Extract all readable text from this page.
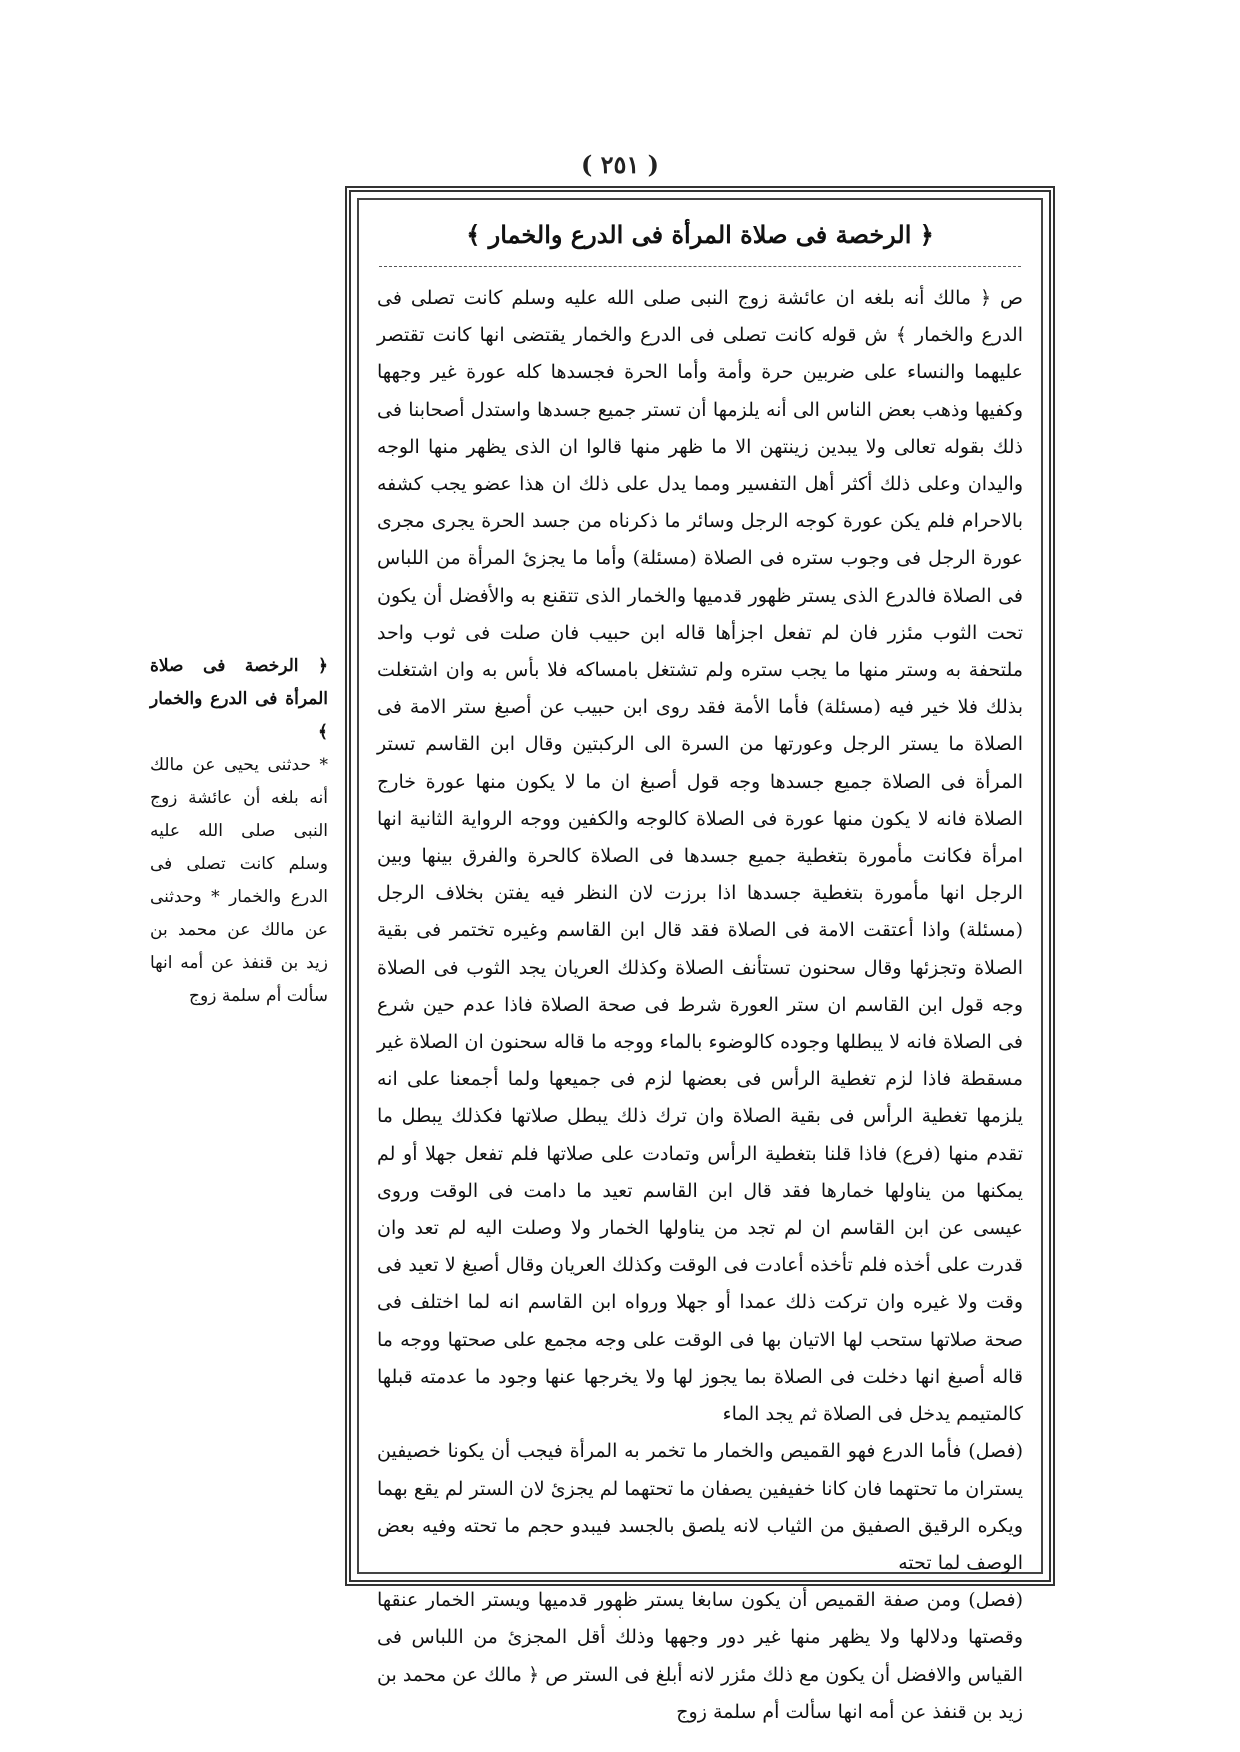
( ٢٥١ )

﴿ الرخصة فى صلاة المرأة فى الدرع والخمار ﴾

* حدثنى يحيى عن مالك أنه بلغه أن عائشة زوج النبى صلى الله عليه وسلم كانت تصلى فى الدرع والخمار * وحدثنى عن مالك عن محمد بن زيد بن قنفذ عن أمه انها سألت أم سلمة زوج

﴿ الرخصة فى صلاة المرأة فى الدرع والخمار ﴾

ص ﴿ مالك أنه بلغه ان عائشة زوج النبى صلى الله عليه وسلم كانت تصلى فى الدرع والخمار ﴾ ش قوله كانت تصلى فى الدرع والخمار يقتضى انها كانت تقتصر عليهما والنساء على ضربين حرة وأمة وأما الحرة فجسدها كله عورة غير وجهها وكفيها وذهب بعض الناس الى أنه يلزمها أن تستر جميع جسدها واستدل أصحابنا فى ذلك بقوله تعالى ولا يبدين زينتهن الا ما ظهر منها قالوا ان الذى يظهر منها الوجه واليدان وعلى ذلك أكثر أهل التفسير ومما يدل على ذلك ان هذا عضو يجب كشفه بالاحرام فلم يكن عورة كوجه الرجل وسائر ما ذكرناه من جسد الحرة يجرى مجرى عورة الرجل فى وجوب ستره فى الصلاة (مسئلة) وأما ما يجزئ المرأة من اللباس فى الصلاة فالدرع الذى يستر ظهور قدميها والخمار الذى تتقنع به والأفضل أن يكون تحت الثوب مئزر فان لم تفعل اجزأها قاله ابن حبيب فان صلت فى ثوب واحد ملتحفة به وستر منها ما يجب ستره ولم تشتغل بامساكه فلا بأس به وان اشتغلت بذلك فلا خير فيه (مسئلة) فأما الأمة فقد روى ابن حبيب عن أصبغ ستر الامة فى الصلاة ما يستر الرجل وعورتها من السرة الى الركبتين وقال ابن القاسم تستر المرأة فى الصلاة جميع جسدها وجه قول أصبغ ان ما لا يكون منها عورة خارج الصلاة فانه لا يكون منها عورة فى الصلاة كالوجه والكفين ووجه الرواية الثانية انها امرأة فكانت مأمورة بتغطية جميع جسدها فى الصلاة كالحرة والفرق بينها وبين الرجل انها مأمورة بتغطية جسدها اذا برزت لان النظر فيه يفتن بخلاف الرجل (مسئلة) واذا أعتقت الامة فى الصلاة فقد قال ابن القاسم وغيره تختمر فى بقية الصلاة وتجزئها وقال سحنون تستأنف الصلاة وكذلك العريان يجد الثوب فى الصلاة وجه قول ابن القاسم ان ستر العورة شرط فى صحة الصلاة فاذا عدم حين شرع فى الصلاة فانه لا يبطلها وجوده كالوضوء بالماء ووجه ما قاله سحنون ان الصلاة غير مسقطة فاذا لزم تغطية الرأس فى بعضها لزم فى جميعها ولما أجمعنا على انه يلزمها تغطية الرأس فى بقية الصلاة وان ترك ذلك يبطل صلاتها فكذلك يبطل ما تقدم منها (فرع) فاذا قلنا بتغطية الرأس وتمادت على صلاتها فلم تفعل جهلا أو لم يمكنها من يناولها خمارها فقد قال ابن القاسم تعيد ما دامت فى الوقت وروى عيسى عن ابن القاسم ان لم تجد من يناولها الخمار ولا وصلت اليه لم تعد وان قدرت على أخذه فلم تأخذه أعادت فى الوقت وكذلك العريان وقال أصبغ لا تعيد فى وقت ولا غيره وان تركت ذلك عمدا أو جهلا ورواه ابن القاسم انه لما اختلف فى صحة صلاتها ستحب لها الاتيان بها فى الوقت على وجه مجمع على صحتها ووجه ما قاله أصبغ انها دخلت فى الصلاة بما يجوز لها ولا يخرجها عنها وجود ما عدمته قبلها كالمتيمم يدخل فى الصلاة ثم يجد الماء

(فصل) فأما الدرع فهو القميص والخمار ما تخمر به المرأة فيجب أن يكونا خصيفين يستران ما تحتهما فان كانا خفيفين يصفان ما تحتهما لم يجزئ لان الستر لم يقع بهما ويكره الرقيق الصفيق من الثياب لانه يلصق بالجسد فيبدو حجم ما تحته وفيه بعض الوصف لما تحته

(فصل) ومن صفة القميص أن يكون سابغا يستر ظهور قدميها ويستر الخمار عنقها وقصتها ودلالها ولا يظهر منها غير دور وجهها وذلك أقل المجزئ من اللباس فى القياس والافضل أن يكون مع ذلك مئزر لانه أبلغ فى الستر ص ﴿ مالك عن محمد بن زيد بن قنفذ عن أمه انها سألت أم سلمة زوج

·
